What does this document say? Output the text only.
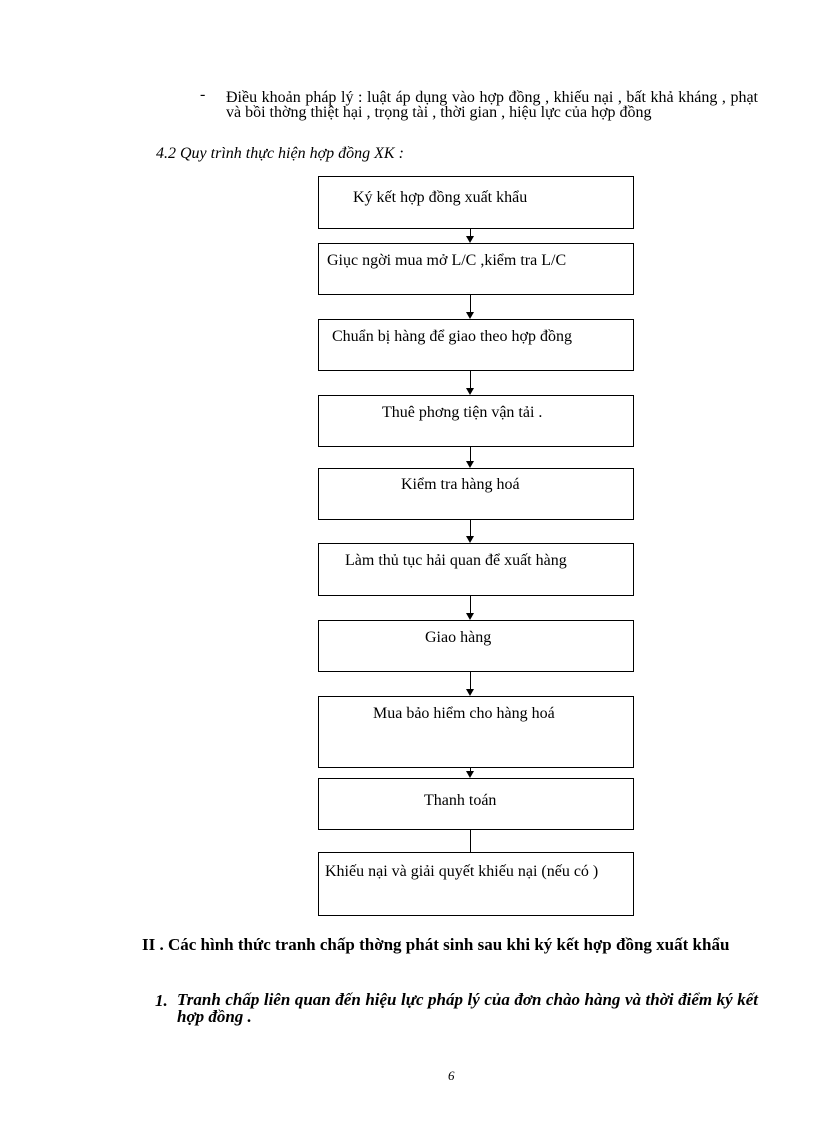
- Điều khoản pháp lý : luật áp dụng vào hợp đồng , khiếu nại , bất khả kháng , phạt và bồi thờng thiệt hại , trọng tài , thời gian , hiệu lực của hợp đồng
4.2 Quy trình thực hiện hợp đồng XK :
Ký kết hợp đồng xuất khẩu
Giục ngời mua mở L/C ,kiểm tra L/C
Chuẩn bị hàng để giao theo hợp đồng
Thuê phơng tiện vận tải .
Kiểm tra hàng hoá
Làm thủ tục hải quan để xuất hàng
Giao hàng
Mua bảo hiểm cho hàng hoá
Thanh toán
Khiếu nại và giải quyết khiếu nại (nếu có )
II . Các hình thức tranh chấp thờng phát sinh sau khi ký kết hợp đồng xuất khẩu
1. Tranh chấp liên quan đến hiệu lực pháp lý của đơn chào hàng và thời điểm ký kết hợp đồng .
6
